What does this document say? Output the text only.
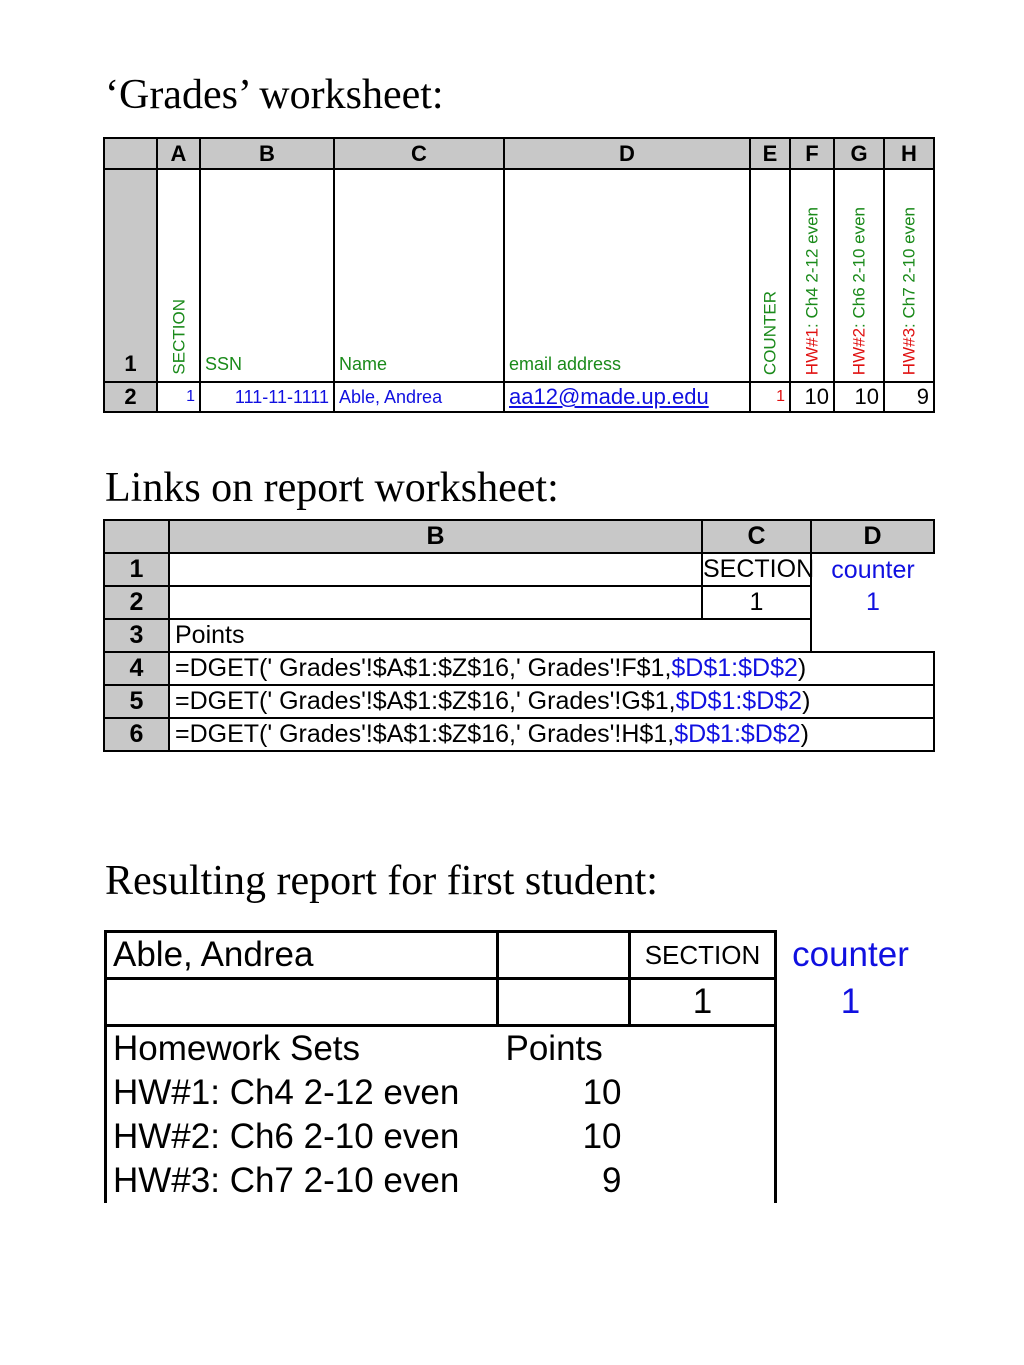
‘Grades’ worksheet:
	A	B	C	D	E	F	G	H
1	SECTION	SSN	Name	email address	COUNTER	HW#1: Ch4 2-12 even	HW#2: Ch6 2-10 even	HW#3: Ch7 2-10 even

2	1	111-11-1111	Able, Andrea	aa12@made.up.edu	1	10	10	9
Links on report worksheet:
	B	C	D
1		SECTION	counter
2		1	1
3	Points		
4	=DGET(' Grades'!$A$1:$Z$16,' Grades'!F$1,$D$1:$D$2)		
5	=DGET(' Grades'!$A$1:$Z$16,' Grades'!G$1,$D$1:$D$2)		
6	=DGET(' Grades'!$A$1:$Z$16,' Grades'!H$1,$D$1:$D$2)		
Resulting report for first student:
Able, Andrea		SECTION	counter
		1	1
Homework Sets	Points		
HW#1: Ch4 2-12 even	10		
HW#2: Ch6 2-10 even	10		
HW#3: Ch7 2-10 even	9		
